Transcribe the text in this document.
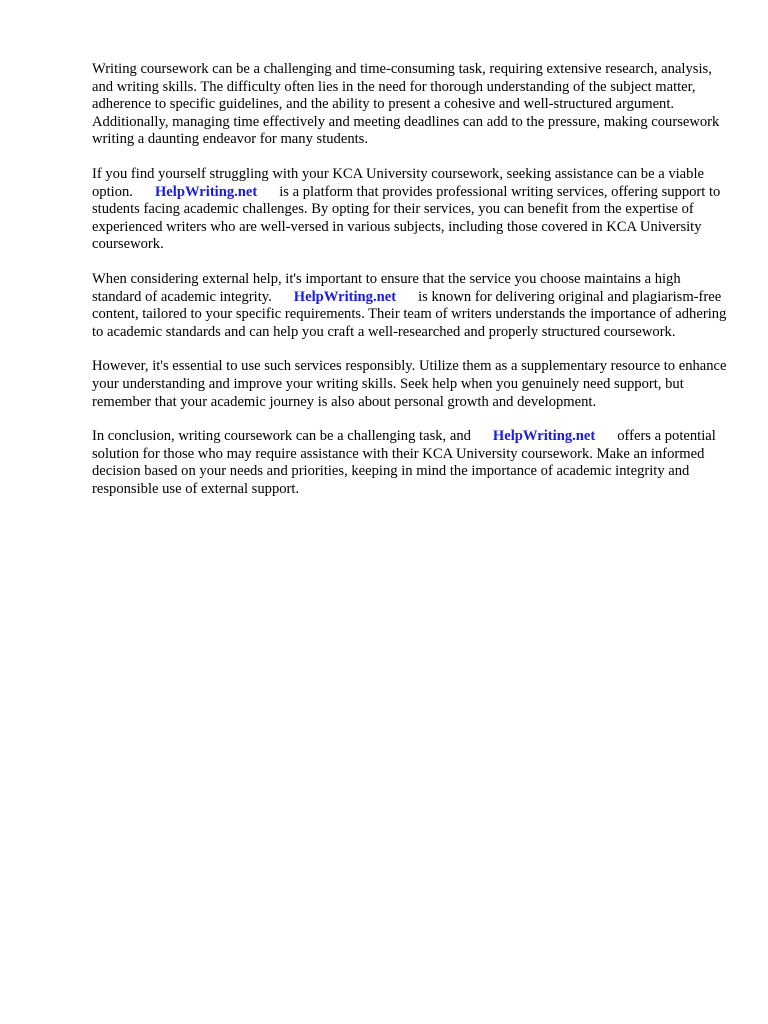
Writing coursework can be a challenging and time-consuming task, requiring extensive research, analysis, and writing skills. The difficulty often lies in the need for thorough understanding of the subject matter, adherence to specific guidelines, and the ability to present a cohesive and well-structured argument. Additionally, managing time effectively and meeting deadlines can add to the pressure, making coursework writing a daunting endeavor for many students.

If you find yourself struggling with your KCA University coursework, seeking assistance can be a viable option. HelpWriting.net is a platform that provides professional writing services, offering support to students facing academic challenges. By opting for their services, you can benefit from the expertise of experienced writers who are well-versed in various subjects, including those covered in KCA University coursework.

When considering external help, it's important to ensure that the service you choose maintains a high standard of academic integrity. HelpWriting.net is known for delivering original and plagiarism-free content, tailored to your specific requirements. Their team of writers understands the importance of adhering to academic standards and can help you craft a well-researched and properly structured coursework.

However, it's essential to use such services responsibly. Utilize them as a supplementary resource to enhance your understanding and improve your writing skills. Seek help when you genuinely need support, but remember that your academic journey is also about personal growth and development.

In conclusion, writing coursework can be a challenging task, and HelpWriting.net offers a potential solution for those who may require assistance with their KCA University coursework. Make an informed decision based on your needs and priorities, keeping in mind the importance of academic integrity and responsible use of external support.
